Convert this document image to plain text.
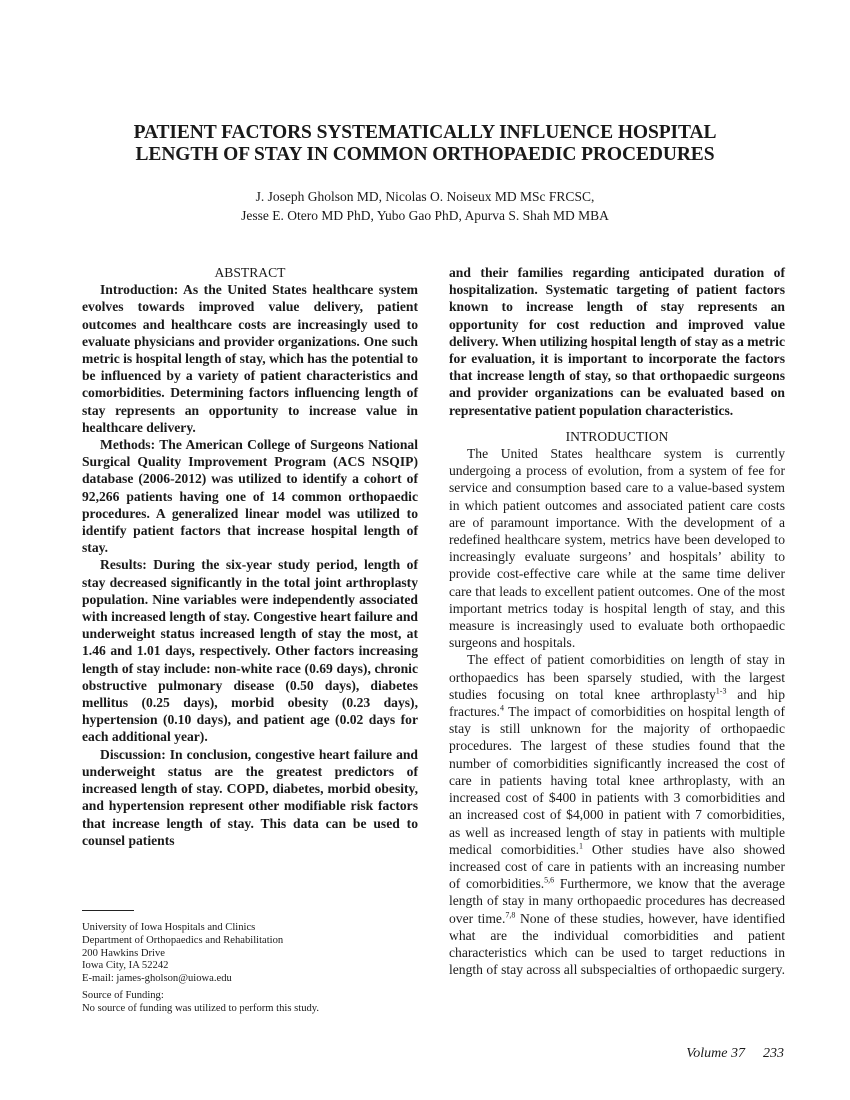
PATIENT FACTORS SYSTEMATICALLY INFLUENCE HOSPITAL
LENGTH OF STAY IN COMMON ORTHOPAEDIC PROCEDURES
J. Joseph Gholson MD, Nicolas O. Noiseux MD MSc FRCSC,
Jesse E. Otero MD PhD, Yubo Gao PhD, Apurva S. Shah MD MBA
ABSTRACT

Introduction: As the United States healthcare system evolves towards improved value delivery, patient outcomes and healthcare costs are increasingly used to evaluate physicians and provider organizations. One such metric is hospital length of stay, which has the potential to be influenced by a variety of patient characteristics and comorbidities. Determining factors influencing length of stay represents an opportunity to increase value in healthcare delivery.

Methods: The American College of Surgeons National Surgical Quality Improvement Program (ACS NSQIP) database (2006-2012) was utilized to identify a cohort of 92,266 patients having one of 14 common orthopaedic procedures. A generalized linear model was utilized to identify patient factors that increase hospital length of stay.

Results: During the six-year study period, length of stay decreased significantly in the total joint arthroplasty population. Nine variables were independently associated with increased length of stay. Congestive heart failure and underweight status increased length of stay the most, at 1.46 and 1.01 days, respectively. Other factors increasing length of stay include: non-white race (0.69 days), chronic obstructive pulmonary disease (0.50 days), diabetes mellitus (0.25 days), morbid obesity (0.23 days), hypertension (0.10 days), and patient age (0.02 days for each additional year).

Discussion: In conclusion, congestive heart failure and underweight status are the greatest predictors of increased length of stay. COPD, diabetes, morbid obesity, and hypertension represent other modifiable risk factors that increase length of stay. This data can be used to counsel patients

and their families regarding anticipated duration of hospitalization. Systematic targeting of patient factors known to increase length of stay represents an opportunity for cost reduction and improved value delivery. When utilizing hospital length of stay as a metric for evaluation, it is important to incorporate the factors that increase length of stay, so that orthopaedic surgeons and provider organizations can be evaluated based on representative patient population characteristics.

INTRODUCTION

The United States healthcare system is currently undergoing a process of evolution, from a system of fee for service and consumption based care to a value-based system in which patient outcomes and associated patient care costs are of paramount importance. With the development of a redefined healthcare system, metrics have been developed to increasingly evaluate surgeons’ and hospitals’ ability to provide cost-effective care while at the same time deliver care that leads to excellent patient outcomes. One of the most important metrics today is hospital length of stay, and this measure is increasingly used to evaluate both orthopaedic surgeons and hospitals.

The effect of patient comorbidities on length of stay in orthopaedics has been sparsely studied, with the largest studies focusing on total knee arthroplasty$^{1-3}$ and hip fractures.$^4$ The impact of comorbidities on hospital length of stay is still unknown for the majority of orthopaedic procedures. The largest of these studies found that the number of comorbidities significantly increased the cost of care in patients having total knee arthroplasty, with an increased cost of $400 in patients with 3 comorbidities and an increased cost of $4,000 in patient with 7 comorbidities, as well as increased length of stay in patients with multiple medical comorbidities.$^1$ Other studies have also showed increased cost of care in patients with an increasing number of comorbidities.$^{5,6}$ Furthermore, we know that the average length of stay in many orthopaedic procedures has decreased over time.$^{7,8}$ None of these studies, however, have identified what are the individual comorbidities and patient characteristics which can be used to target reductions in length of stay across all subspecialties of orthopaedic surgery.

University of Iowa Hospitals and Clinics
Department of Orthopaedics and Rehabilitation
200 Hawkins Drive
Iowa City, IA 52242
E-mail: james-gholson@uiowa.edu
Source of Funding:
No source of funding was utilized to perform this study.
Volume 37 233
